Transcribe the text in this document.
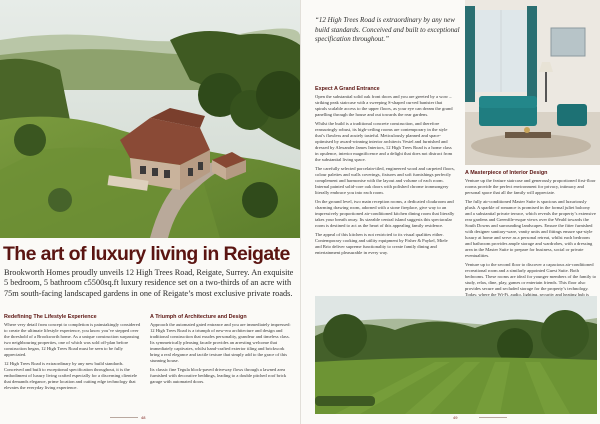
The art of luxury living in Reigate
Brookworth Homes proudly unveils 12 High Trees Road, Reigate, Surrey. An exquisite 5 bedroom, 5 bathroom c5500sq.ft luxury residence set on a two-thirds of an acre with 75m south-facing landscaped gardens in one of Reigate’s most exclusive private roads.
Redefining The Lifestyle Experience

Where very detail from concept to completion is painstakingly considered to create the ultimate lifestyle experience, you know you’ve stepped over the threshold of a Brookworth home. As a unique construction surpassing two neighbouring properties, one of which was sold off-plan before construction began, 12 High Trees Road must be seen to be fully appreciated.

12 High Trees Road is extraordinary by any new build standards. Conceived and built to exceptional specification throughout, it is the embodiment of luxury living crafted especially for a discerning clientele that demands elegance, prime location and cutting edge technology that elevates the everyday living experience.

A Triumph of Architecture and Design

Approach the automated gated entrance and you are immediately impressed: 12 High Trees Road is a triumph of new-era architecture and design and traditional construction that exudes personality, grandeur and timeless class. Its symmetrically pleasing facade provides an arresting welcome that immediately captivates, whilst hand-crafted exterior tiling and brickwork bring a real elegance and tactile texture that simply add to the grace of this stunning house.

Its classic fine Tegula block-paved driveway flows through a lawned area furnished with decorative beddings, leading to a double pitched roof brick garage with automated doors.

48
“12 High Trees Road is extraordinary by any new build standards. Conceived and built to exceptional specification throughout.”
Expect A Grand Entrance

Open the substantial solid oak front doors and you are greeted by a wow – striking peak staircase with a sweeping S-shaped curved banister that spirals scalable access to the upper floors, as your eye can dream the grand panelling through the house and out towards the rear gardens.

Whilst the build is a traditional concrete construction, and therefore reassuringly robust, its high-ceiling rooms are contemporary in the style that’s flawless and acutely tasteful. Meticulously planned and space-optimised by award-winning interior architects Vestel and furnished and dressed by Alexander James Interiors, 12 High Trees Road is a home class in opulence, interior magnificence and a delight that does not distract from the substantial living space.

The carefully selected porcelain-tiled, engineered wood and carpeted floors, colour palettes and walls coverings, fixtures and soft furnishings perfectly complement and harmonise with the layout and volume of each room. Internal painted solid-core oak doors with polished chrome ironmongery literally embrace you into each room.

On the ground level, two main reception rooms, a dedicated cloakroom and charming drawing room, adorned with a stone fireplace, give way to an impressively proportioned air-conditioned kitchen dining room that literally takes your breath away. Its sizeable central island suggests this spectacular room is destined to act as the heart of this appealing family residence.

The appeal of this kitchen is not restricted to its visual qualities either. Contemporary cooking and utility equipment by Fisher & Paykel, Miele and Brio deliver supreme functionality to create family dining and entertainment pleasurable in every way.

A Masterpiece of Interior Design

Venture up the feature staircase and generously proportioned first-floor rooms provide the perfect environment for privacy, intimacy and personal space that all the family will appreciate.

The fully air-conditioned Master Suite is spacious and luxuriously plush. A sparkle of romance is promised in the formal juliet balcony and a substantial private terrace, which reveals the property’s extensive rear gardens and Greenfile-esque views over the Weald towards the South Downs and surrounding landscapes. Ensure the fitter furnished with designer sanitary-ware, vanity units and fittings ensure spa-style luxury at home and serve as a personal retreat, whilst each bedroom and bathroom provides ample storage and wardrobes, with a dressing area in the Master Suite to prepare for business, social or private eventualities.

Venture up to the second floor to discover a capacious air-conditioned recreational room and a similarly appointed Guest Suite. Both bedrooms. These rooms are ideal for younger members of the family to study, relax, dine, play, games or entertain friends. This floor also provides secure and secluded storage for the property’s technology. Today, where the Wi-Fi, audio, lighting, security and heating hub is

49
